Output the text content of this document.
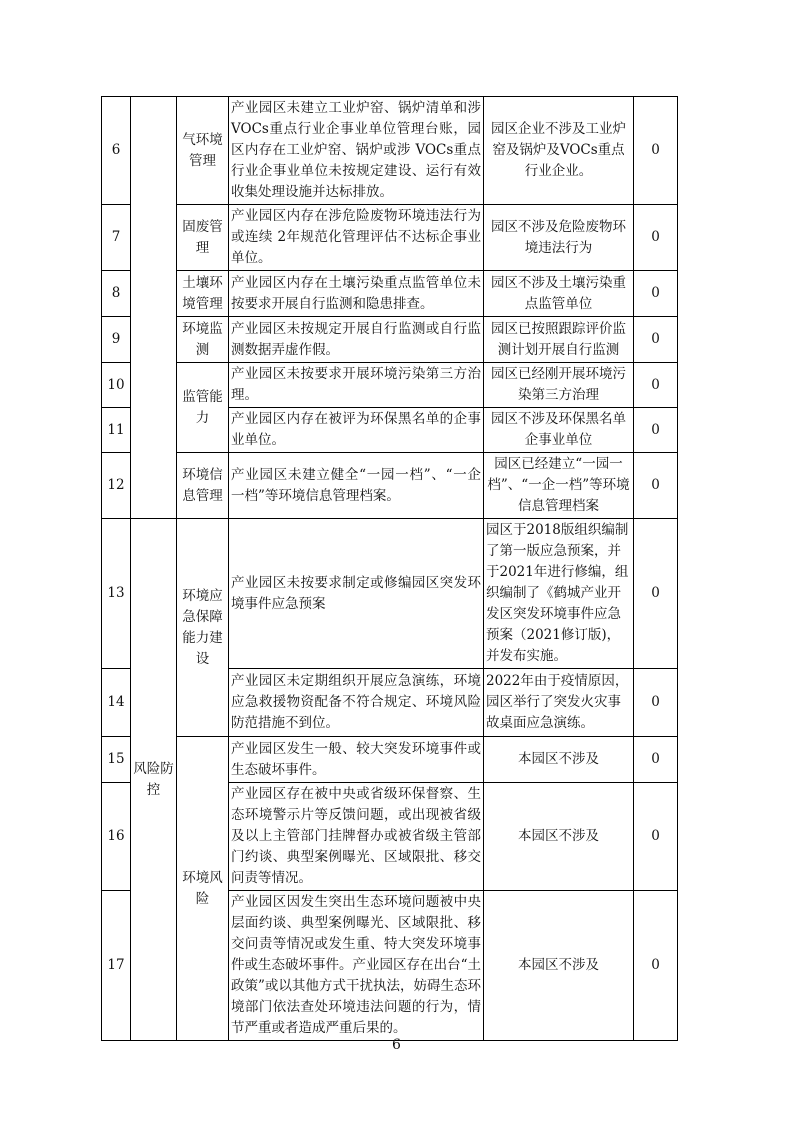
6		气环境管理	产业园区未建立工业炉窑、锅炉清单和涉VOCs重点行业企事业单位管理台账，园区内存在工业炉窑、锅炉或涉 VOCs重点行业企事业单位未按规定建设、运行有效收集处理设施并达标排放。	园区企业不涉及工业炉窑及锅炉及VOCs重点行业企业。	0
7		固废管理	产业园区内存在涉危险废物环境违法行为或连续 2年规范化管理评估不达标企事业单位。	园区不涉及危险废物环境违法行为	0
8		土壤环境管理	产业园区内存在土壤污染重点监管单位未按要求开展自行监测和隐患排查。	园区不涉及土壤污染重点监管单位	0
9		环境监测	产业园区未按规定开展自行监测或自行监测数据弄虚作假。	园区已按照跟踪评价监测计划开展自行监测	0
10		监管能力	产业园区未按要求开展环境污染第三方治理。	园区已经刚开展环境污染第三方治理	0
11			产业园区内存在被评为环保黑名单的企事业单位。	园区不涉及环保黑名单企事业单位	0
12		环境信息管理	产业园区未建立健全“一园一档”、“一企一档”等环境信息管理档案。	园区已经建立“一园一档”、“一企一档”等环境信息管理档案	0
13	风险防控	环境应急保障能力建设	产业园区未按要求制定或修编园区突发环境事件应急预案	园区于2018版组织编制了第一版应急预案，并于2021年进行修编，组织编制了《鹤城产业开发区突发环境事件应急预案（2021修订版)，并发布实施。	0
14			产业园区未定期组织开展应急演练，环境应急救援物资配备不符合规定、环境风险防范措施不到位。	2022年由于疫情原因，园区举行了突发火灾事故桌面应急演练。	0
15		环境风险	产业园区发生一般、较大突发环境事件或生态破坏事件。	本园区不涉及	0
16			产业园区存在被中央或省级环保督察、生态环境警示片等反馈问题，或出现被省级及以上主管部门挂牌督办或被省级主管部门约谈、典型案例曝光、区域限批、移交问责等情况。	本园区不涉及	0
17			产业园区因发生突出生态环境问题被中央层面约谈、典型案例曝光、区域限批、移交问责等情况或发生重、特大突发环境事件或生态破坏事件。产业园区存在出台“土政策”或以其他方式干扰执法，妨碍生态环境部门依法查处环境违法问题的行为，情节严重或者造成严重后果的。	本园区不涉及	0
6
